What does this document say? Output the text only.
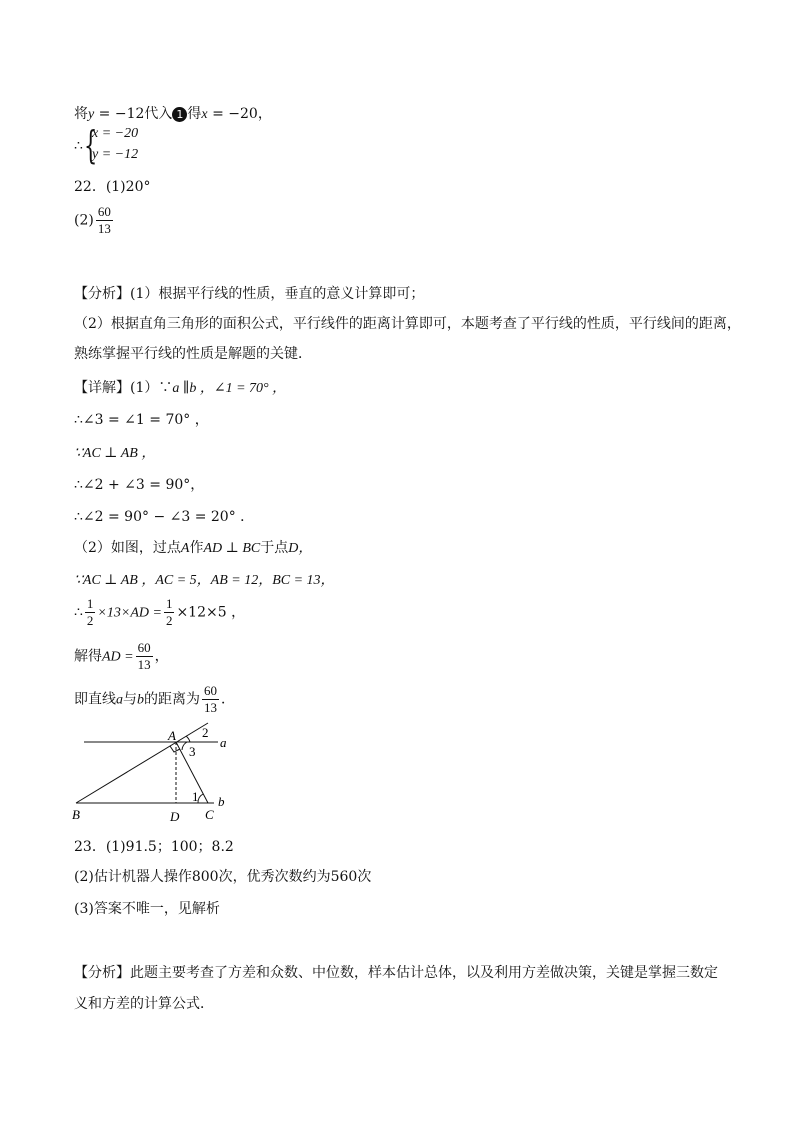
将y = −12代入 1 得x = −20，
∴ {
x = −20
y = −12
22．(1)20°
$(2) \frac{60}{13}$
【分析】(1）根据平行线的性质，垂直的意义计算即可；
（2）根据直角三角形的面积公式，平行线件的距离计算即可，本题考查了平行线的性质，平行线间的距离，
熟练掌握平行线的性质是解题的关键．
【详解】(1）∵a ∥b ，∠1 = 70° ，
∴∠3 = ∠1 = 70° ，
∵AC ⊥ AB ，
∴∠2 + ∠3 = 90°，
∴∠2 = 90° − ∠3 = 20° ．
（2）如图，过点A作AD ⊥ BC于点D，
∵AC ⊥ AB ，AC = 5，AB = 12，BC = 13，
∴ $\frac{1}{2} \times 13\times AD = \frac{1}{2} \times 12\times 5$ ，
解得AD = $\frac{60}{13}$ ，
即直线a与b的距离为 $\frac{60}{13}$ ．
A	a
2
3
1 b
B	D C
23．(1)91.5；100；8.2
(2)估计机器人操作800次，优秀次数约为560次
(3)答案不唯一，见解析
【分析】此题主要考查了方差和众数、中位数，样本估计总体，以及利用方差做决策，关键是掌握三数定
义和方差的计算公式．
